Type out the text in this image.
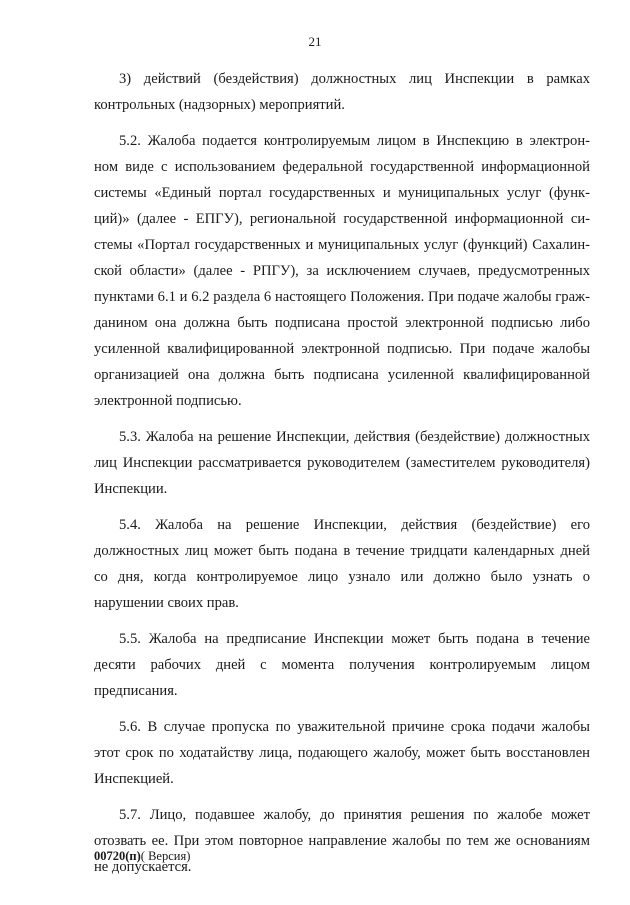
21
3) действий (бездействия) должностных лиц Инспекции в рамках
контрольных (надзорных) мероприятий.
5.2. Жалоба подается контролируемым лицом в Инспекцию в электрон-
ном виде с использованием федеральной государственной информационной
системы «Единый портал государственных и муниципальных услуг (функ-
ций)» (далее - ЕПГУ), региональной государственной информационной си-
стемы «Портал государственных и муниципальных услуг (функций) Сахалин-
ской области» (далее - РПГУ), за исключением случаев, предусмотренных
пунктами 6.1 и 6.2 раздела 6 настоящего Положения. При подаче жалобы граж-
данином она должна быть подписана простой электронной подписью либо
усиленной квалифицированной электронной подписью. При подаче жалобы
организацией она должна быть подписана усиленной квалифицированной
электронной подписью.
5.3. Жалоба на решение Инспекции, действия (бездействие) должностных
лиц Инспекции рассматривается руководителем (заместителем руководителя)
Инспекции.
5.4. Жалоба на решение Инспекции, действия (бездействие) его
должностных лиц может быть подана в течение тридцати календарных дней
со дня, когда контролируемое лицо узнало или должно было узнать о
нарушении своих прав.
5.5. Жалоба на предписание Инспекции может быть подана в течение
десяти рабочих дней с момента получения контролируемым лицом
предписания.
5.6. В случае пропуска по уважительной причине срока подачи жалобы
этот срок по ходатайству лица, подающего жалобу, может быть восстановлен
Инспекцией.
5.7. Лицо, подавшее жалобу, до принятия решения по жалобе может
отозвать ее. При этом повторное направление жалобы по тем же основаниям
не допускается.
00720(п)( Версия)
